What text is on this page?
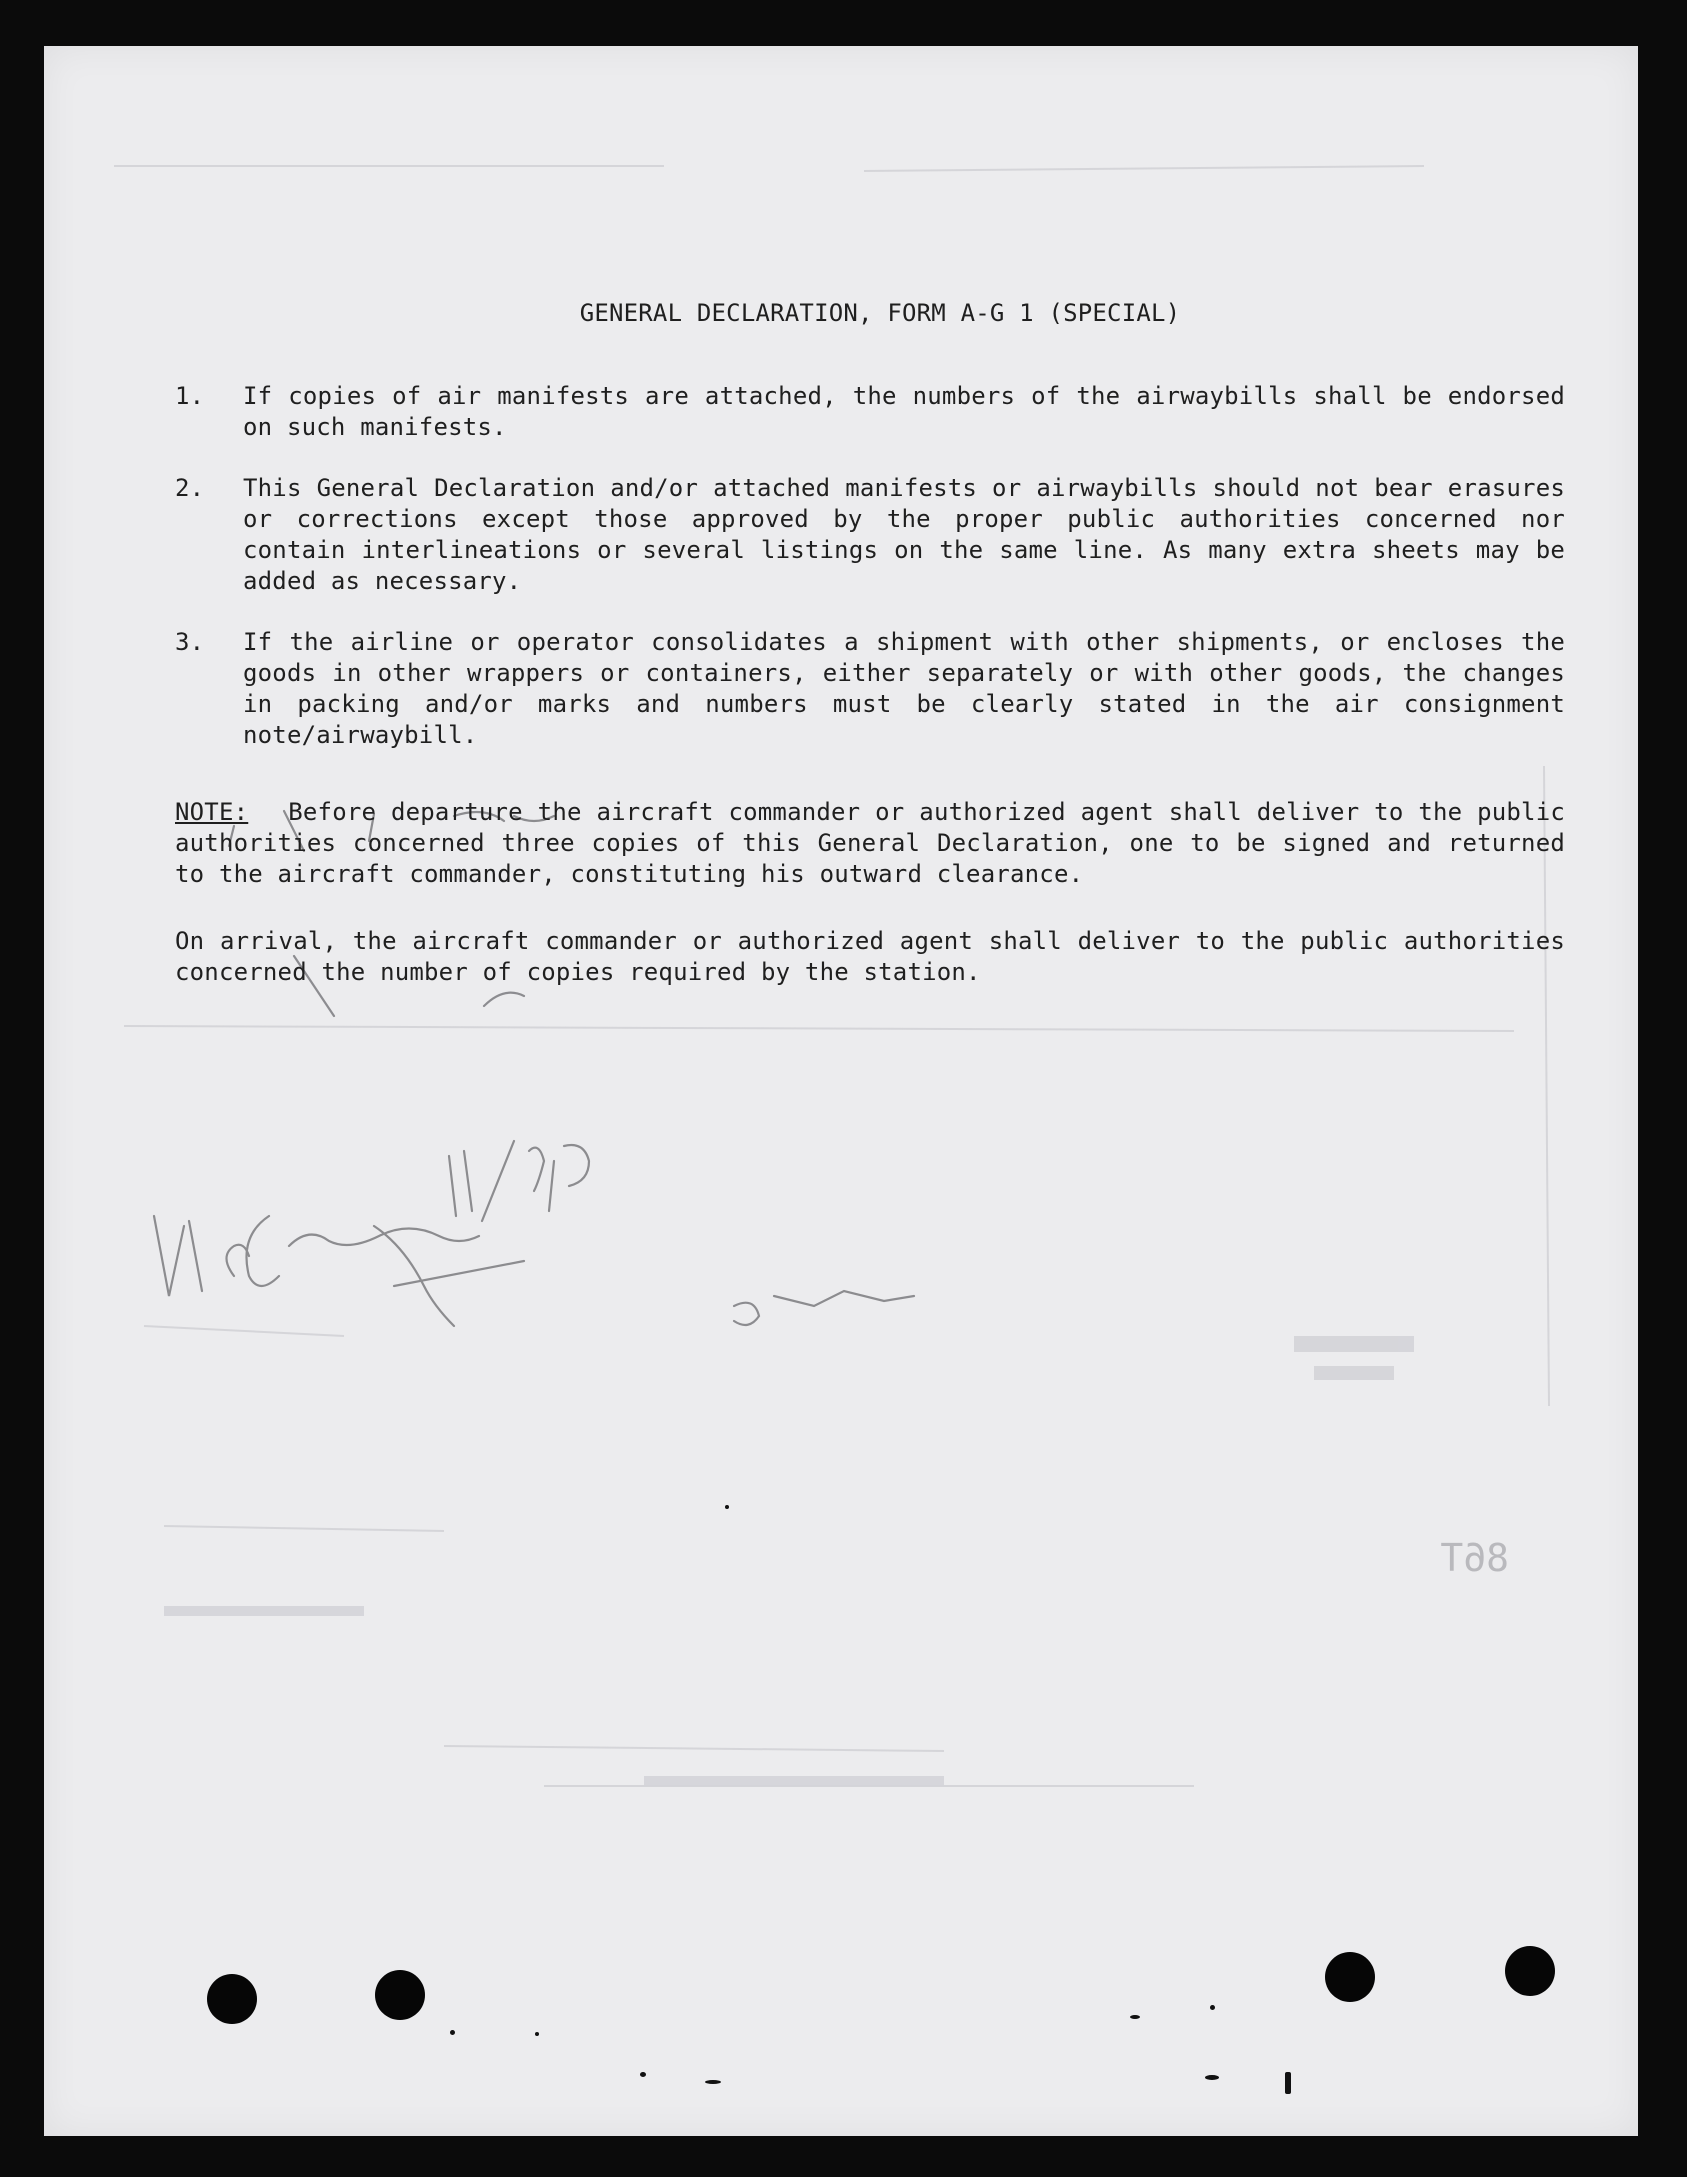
86T
GENERAL DECLARATION, FORM A-G 1 (SPECIAL)
1.	If copies of air manifests are attached, the numbers of the airwaybills shall be endorsed on such manifests.
2.	This General Declaration and/or attached manifests or airwaybills should not bear erasures or corrections except those approved by the proper public authorities concerned nor contain interlineations or several listings on the same line. As many extra sheets may be added as necessary.
3.	If the airline or operator consolidates a shipment with other shipments, or encloses the goods in other wrappers or containers, either separately or with other goods, the changes in packing and/or marks and numbers must be clearly stated in the air consignment note/airwaybill.
NOTE: Before departure the aircraft commander or authorized agent shall deliver to the public authorities concerned three copies of this General Declaration, one to be signed and returned to the aircraft commander, constituting his outward clearance.
On arrival, the aircraft commander or authorized agent shall deliver to the public authorities concerned the number of copies required by the station.
